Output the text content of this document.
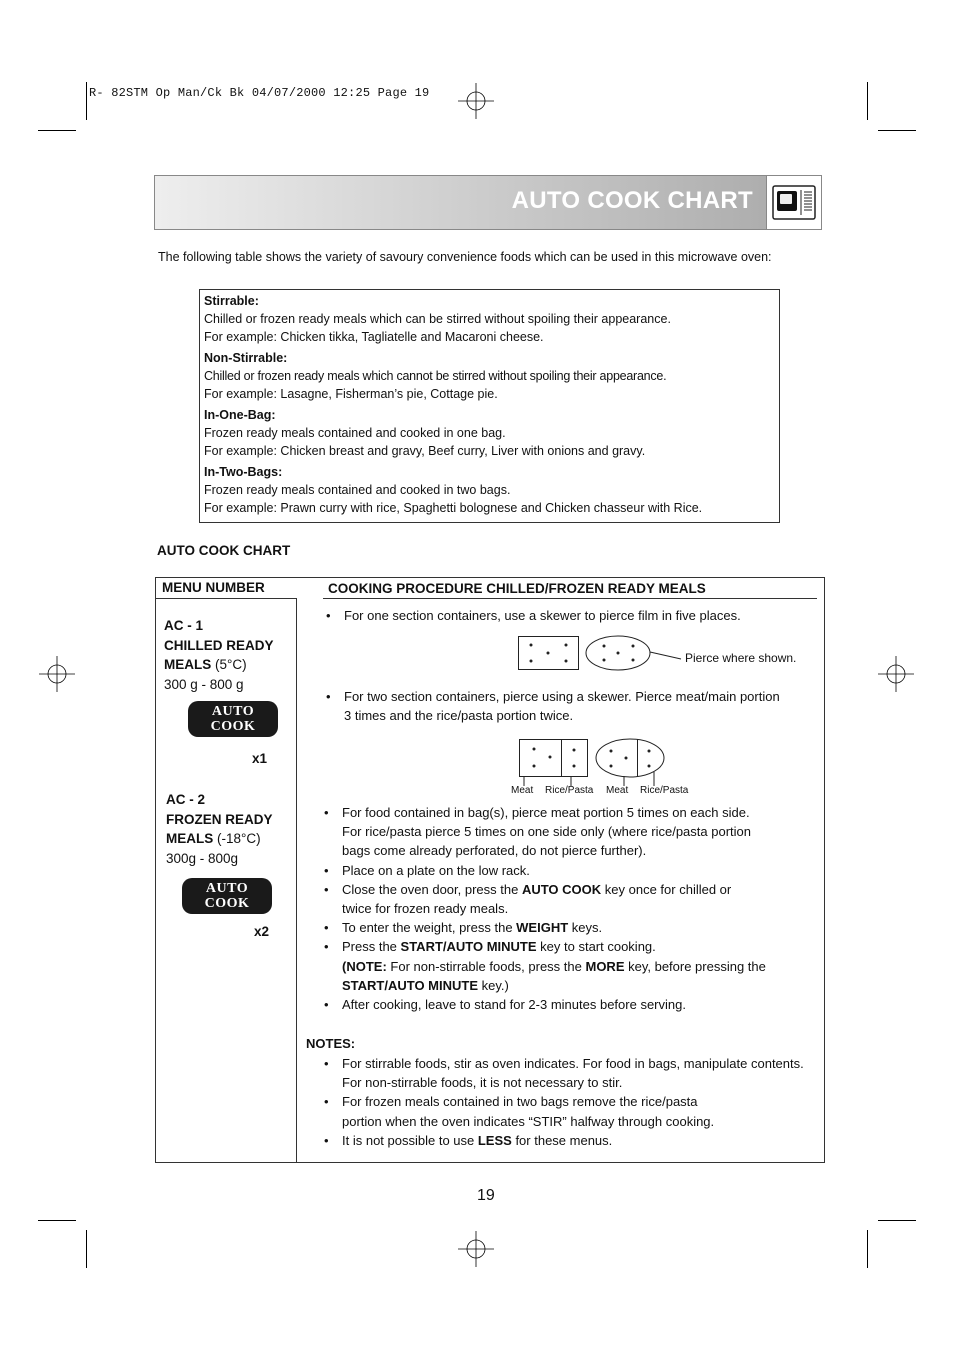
R- 82STM Op Man/Ck Bk 04/07/2000 12:25 Page 19
AUTO COOK CHART
The following table shows the variety of savoury convenience foods which can be used in this microwave oven:
Stirrable:
Chilled or frozen ready meals which can be stirred without spoiling their appearance.
For example: Chicken tikka, Tagliatelle and Macaroni cheese.
Non-Stirrable:
Chilled or frozen ready meals which cannot be stirred without spoiling their appearance.
For example: Lasagne, Fisherman’s pie, Cottage pie.
In-One-Bag:
Frozen ready meals contained and cooked in one bag.
For example: Chicken breast and gravy, Beef curry, Liver with onions and gravy.
In-Two-Bags:
Frozen ready meals contained and cooked in two bags.
For example: Prawn curry with rice, Spaghetti bolognese and Chicken chasseur with Rice.
AUTO COOK CHART
MENU NUMBER	COOKING PROCEDURE CHILLED/FROZEN READY MEALS
AC - 1
CHILLED READY
MEALS (5°C)
300 g - 800 g
AUTO
COOK
x1
AC - 2
FROZEN READY
MEALS (-18°C)
300g - 800g
AUTO
COOK
x2
• For one section containers, use a skewer to pierce film in five places.
Pierce where shown.
• For two section containers, pierce using a skewer. Pierce meat/main portion
3 times and the rice/pasta portion twice.
Meat Rice/Pasta Meat Rice/Pasta
• For food contained in bag(s), pierce meat portion 5 times on each side.
For rice/pasta pierce 5 times on one side only (where rice/pasta portion
bags come already perforated, do not pierce further).
• Place on a plate on the low rack.
• Close the oven door, press the AUTO COOK key once for chilled or
twice for frozen ready meals.
• To enter the weight, press the WEIGHT keys.
• Press the START/AUTO MINUTE key to start cooking.
(NOTE: For non-stirrable foods, press the MORE key, before pressing the
START/AUTO MINUTE key.)
• After cooking, leave to stand for 2-3 minutes before serving.
NOTES:
• For stirrable foods, stir as oven indicates. For food in bags, manipulate contents.
For non-stirrable foods, it is not necessary to stir.
• For frozen meals contained in two bags remove the rice/pasta
portion when the oven indicates “STIR” halfway through cooking.
• It is not possible to use LESS for these menus.
19
